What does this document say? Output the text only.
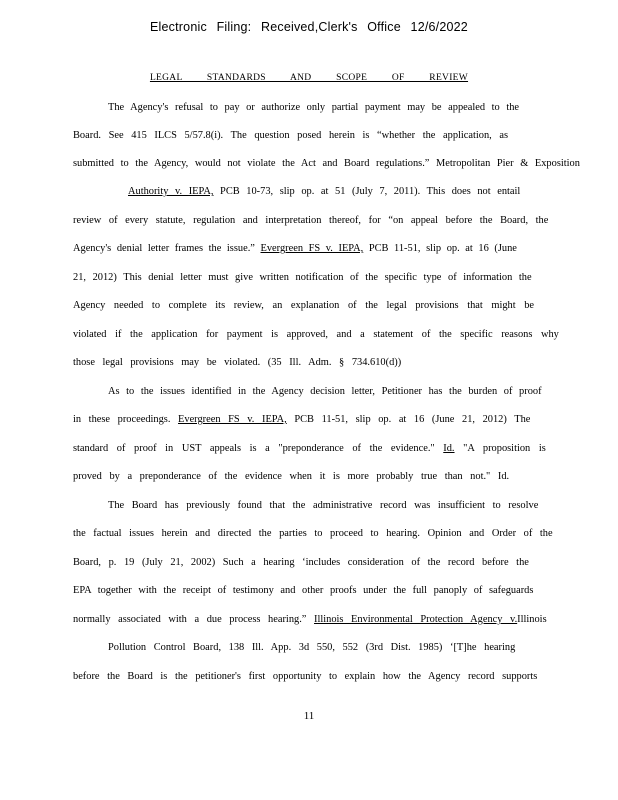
Electronic Filing: Received,Clerk's Office 12/6/2022
LEGAL STANDARDS AND SCOPE OF REVIEW
The Agency's refusal to pay or authorize only partial payment may be appealed to the
Board. See 415 ILCS 5/57.8(i). The question posed herein is “whether the application, as
submitted to the Agency, would not violate the Act and Board regulations.” Metropolitan Pier & Exposition
Authority v. IEPA, PCB 10-73, slip op. at 51 (July 7, 2011). This does not entail
review of every statute, regulation and interpretation thereof, for “on appeal before the Board, the
Agency's denial letter frames the issue.” Evergreen FS v. IEPA, PCB 11-51, slip op. at 16 (June
21, 2012) This denial letter must give written notification of the specific type of information the
Agency needed to complete its review, an explanation of the legal provisions that might be
violated if the application for payment is approved, and a statement of the specific reasons why
those legal provisions may be violated. (35 Ill. Adm. § 734.610(d))
As to the issues identified in the Agency decision letter, Petitioner has the burden of proof
in these proceedings. Evergreen FS v. IEPA, PCB 11-51, slip op. at 16 (June 21, 2012) The
standard of proof in UST appeals is a "preponderance of the evidence." Id. "A proposition is
proved by a preponderance of the evidence when it is more probably true than not." Id.
The Board has previously found that the administrative record was insufficient to resolve
the factual issues herein and directed the parties to proceed to hearing. Opinion and Order of the
Board, p. 19 (July 21, 2002) Such a hearing ‘includes consideration of the record before the
EPA together with the receipt of testimony and other proofs under the full panoply of safeguards
normally associated with a due process hearing.” Illinois Environmental Protection Agency v.Illinois
Pollution Control Board, 138 Ill. App. 3d 550, 552 (3rd Dist. 1985) ‘[T]he hearing
before the Board is the petitioner's first opportunity to explain how the Agency record supports
11
